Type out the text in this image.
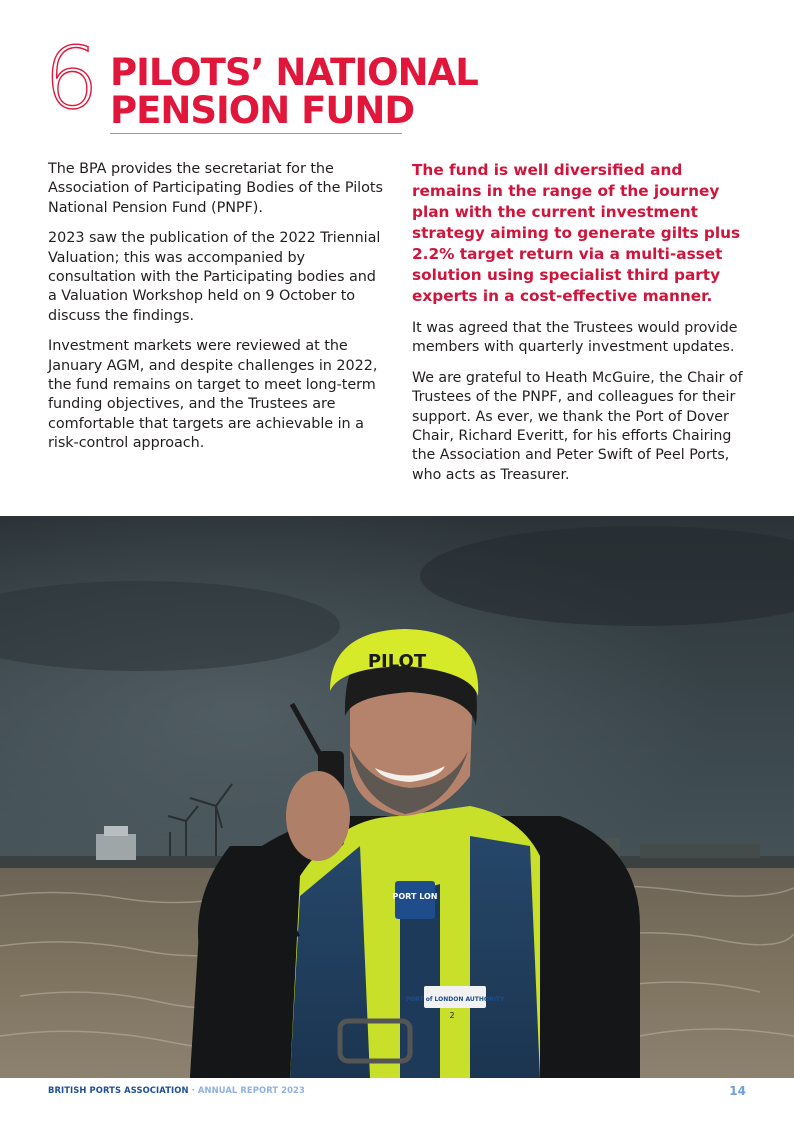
6 PILOTS’ NATIONAL
PENSION FUND

The BPA provides the secretariat for the Association of Participating Bodies of the Pilots National Pension Fund (PNPF).

2023 saw the publication of the 2022 Triennial Valuation; this was accompanied by consultation with the Participating bodies and a Valuation Workshop held on 9 October to discuss the findings.

Investment markets were reviewed at the January AGM, and despite challenges in 2022, the fund remains on target to meet long-term funding objectives, and the Trustees are comfortable that targets are achievable in a risk-control approach.

The fund is well diversified and remains in the range of the journey plan with the current investment strategy aiming to generate gilts plus 2.2% target return via a multi-asset solution using specialist third party experts in a cost-effective manner.

It was agreed that the Trustees would provide members with quarterly investment updates.

We are grateful to Heath McGuire, the Chair of Trustees of the PNPF, and colleagues for their support. As ever, we thank the Port of Dover Chair, Richard Everitt, for his efforts Chairing the Association and Peter Swift of Peel Ports, who acts as Treasurer.

PORT LON
PORT of LONDON AUTHORITY
2
PILOT
BRITISH PORTS ASSOCIATION · ANNUAL REPORT 2023	14
